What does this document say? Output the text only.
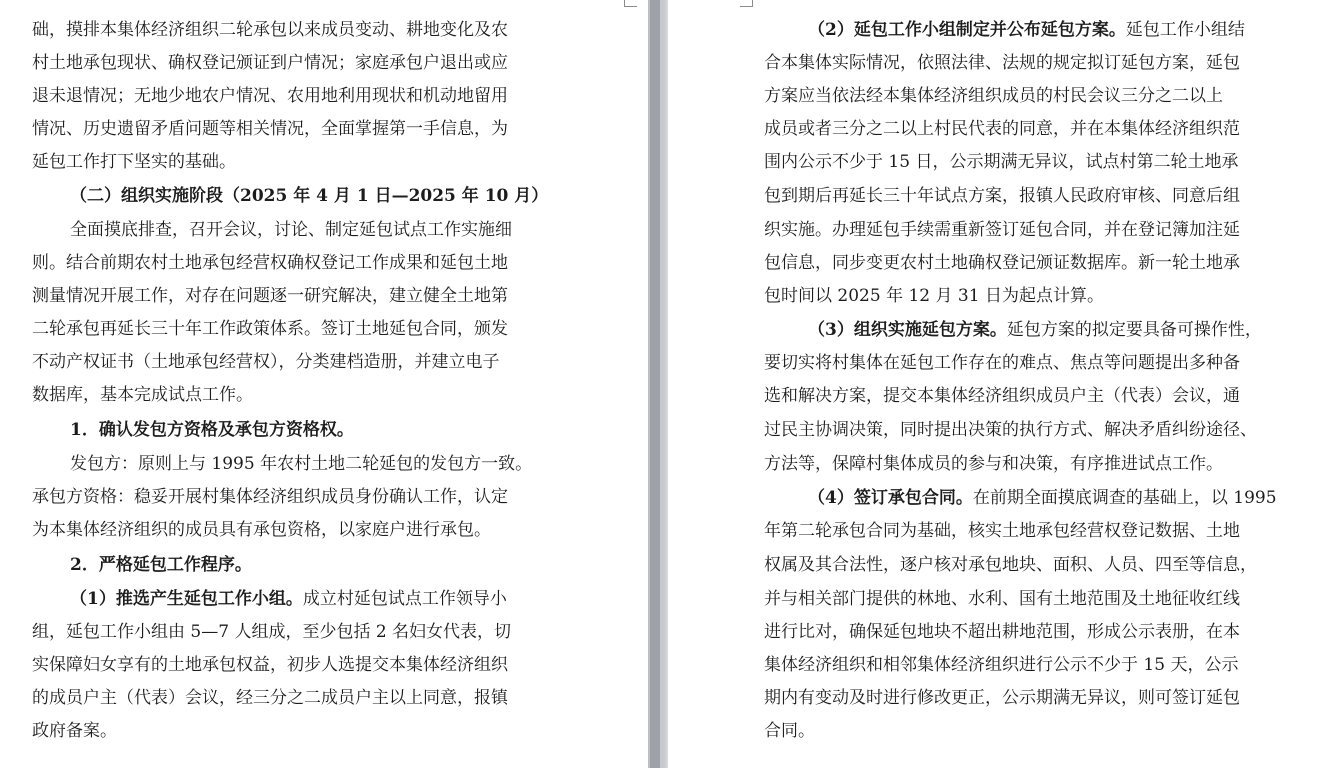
础，摸排本集体经济组织二轮承包以来成员变动、耕地变化及农
村土地承包现状、确权登记颁证到户情况；家庭承包户退出或应
退未退情况；无地少地农户情况、农用地利用现状和机动地留用
情况、历史遗留矛盾问题等相关情况，全面掌握第一手信息，为
延包工作打下坚实的基础。
（二）组织实施阶段（2025 年 4 月 1 日—2025 年 10 月）
全面摸底排查，召开会议，讨论、制定延包试点工作实施细
则。结合前期农村土地承包经营权确权登记工作成果和延包土地
测量情况开展工作，对存在问题逐一研究解决，建立健全土地第
二轮承包再延长三十年工作政策体系。签订土地延包合同，颁发
不动产权证书（土地承包经营权），分类建档造册，并建立电子
数据库，基本完成试点工作。
1．确认发包方资格及承包方资格权。
发包方：原则上与 1995 年农村土地二轮延包的发包方一致。
承包方资格：稳妥开展村集体经济组织成员身份确认工作，认定
为本集体经济组织的成员具有承包资格，以家庭户进行承包。
2．严格延包工作程序。
（1）推选产生延包工作小组。成立村延包试点工作领导小
组，延包工作小组由 5—7 人组成，至少包括 2 名妇女代表，切
实保障妇女享有的土地承包权益，初步人选提交本集体经济组织
的成员户主（代表）会议，经三分之二成员户主以上同意，报镇
政府备案。
（2）延包工作小组制定并公布延包方案。延包工作小组结
合本集体实际情况，依照法律、法规的规定拟订延包方案，延包
方案应当依法经本集体经济组织成员的村民会议三分之二以上
成员或者三分之二以上村民代表的同意，并在本集体经济组织范
围内公示不少于 15 日，公示期满无异议，试点村第二轮土地承
包到期后再延长三十年试点方案，报镇人民政府审核、同意后组
织实施。办理延包手续需重新签订延包合同，并在登记簿加注延
包信息，同步变更农村土地确权登记颁证数据库。新一轮土地承
包时间以 2025 年 12 月 31 日为起点计算。
（3）组织实施延包方案。延包方案的拟定要具备可操作性，
要切实将村集体在延包工作存在的难点、焦点等问题提出多种备
选和解决方案，提交本集体经济组织成员户主（代表）会议，通
过民主协调决策，同时提出决策的执行方式、解决矛盾纠纷途径、
方法等，保障村集体成员的参与和决策，有序推进试点工作。
（4）签订承包合同。在前期全面摸底调查的基础上，以 1995
年第二轮承包合同为基础，核实土地承包经营权登记数据、土地
权属及其合法性，逐户核对承包地块、面积、人员、四至等信息，
并与相关部门提供的林地、水利、国有土地范围及土地征收红线
进行比对，确保延包地块不超出耕地范围，形成公示表册，在本
集体经济组织和相邻集体经济组织进行公示不少于 15 天，公示
期内有变动及时进行修改更正，公示期满无异议，则可签订延包
合同。
